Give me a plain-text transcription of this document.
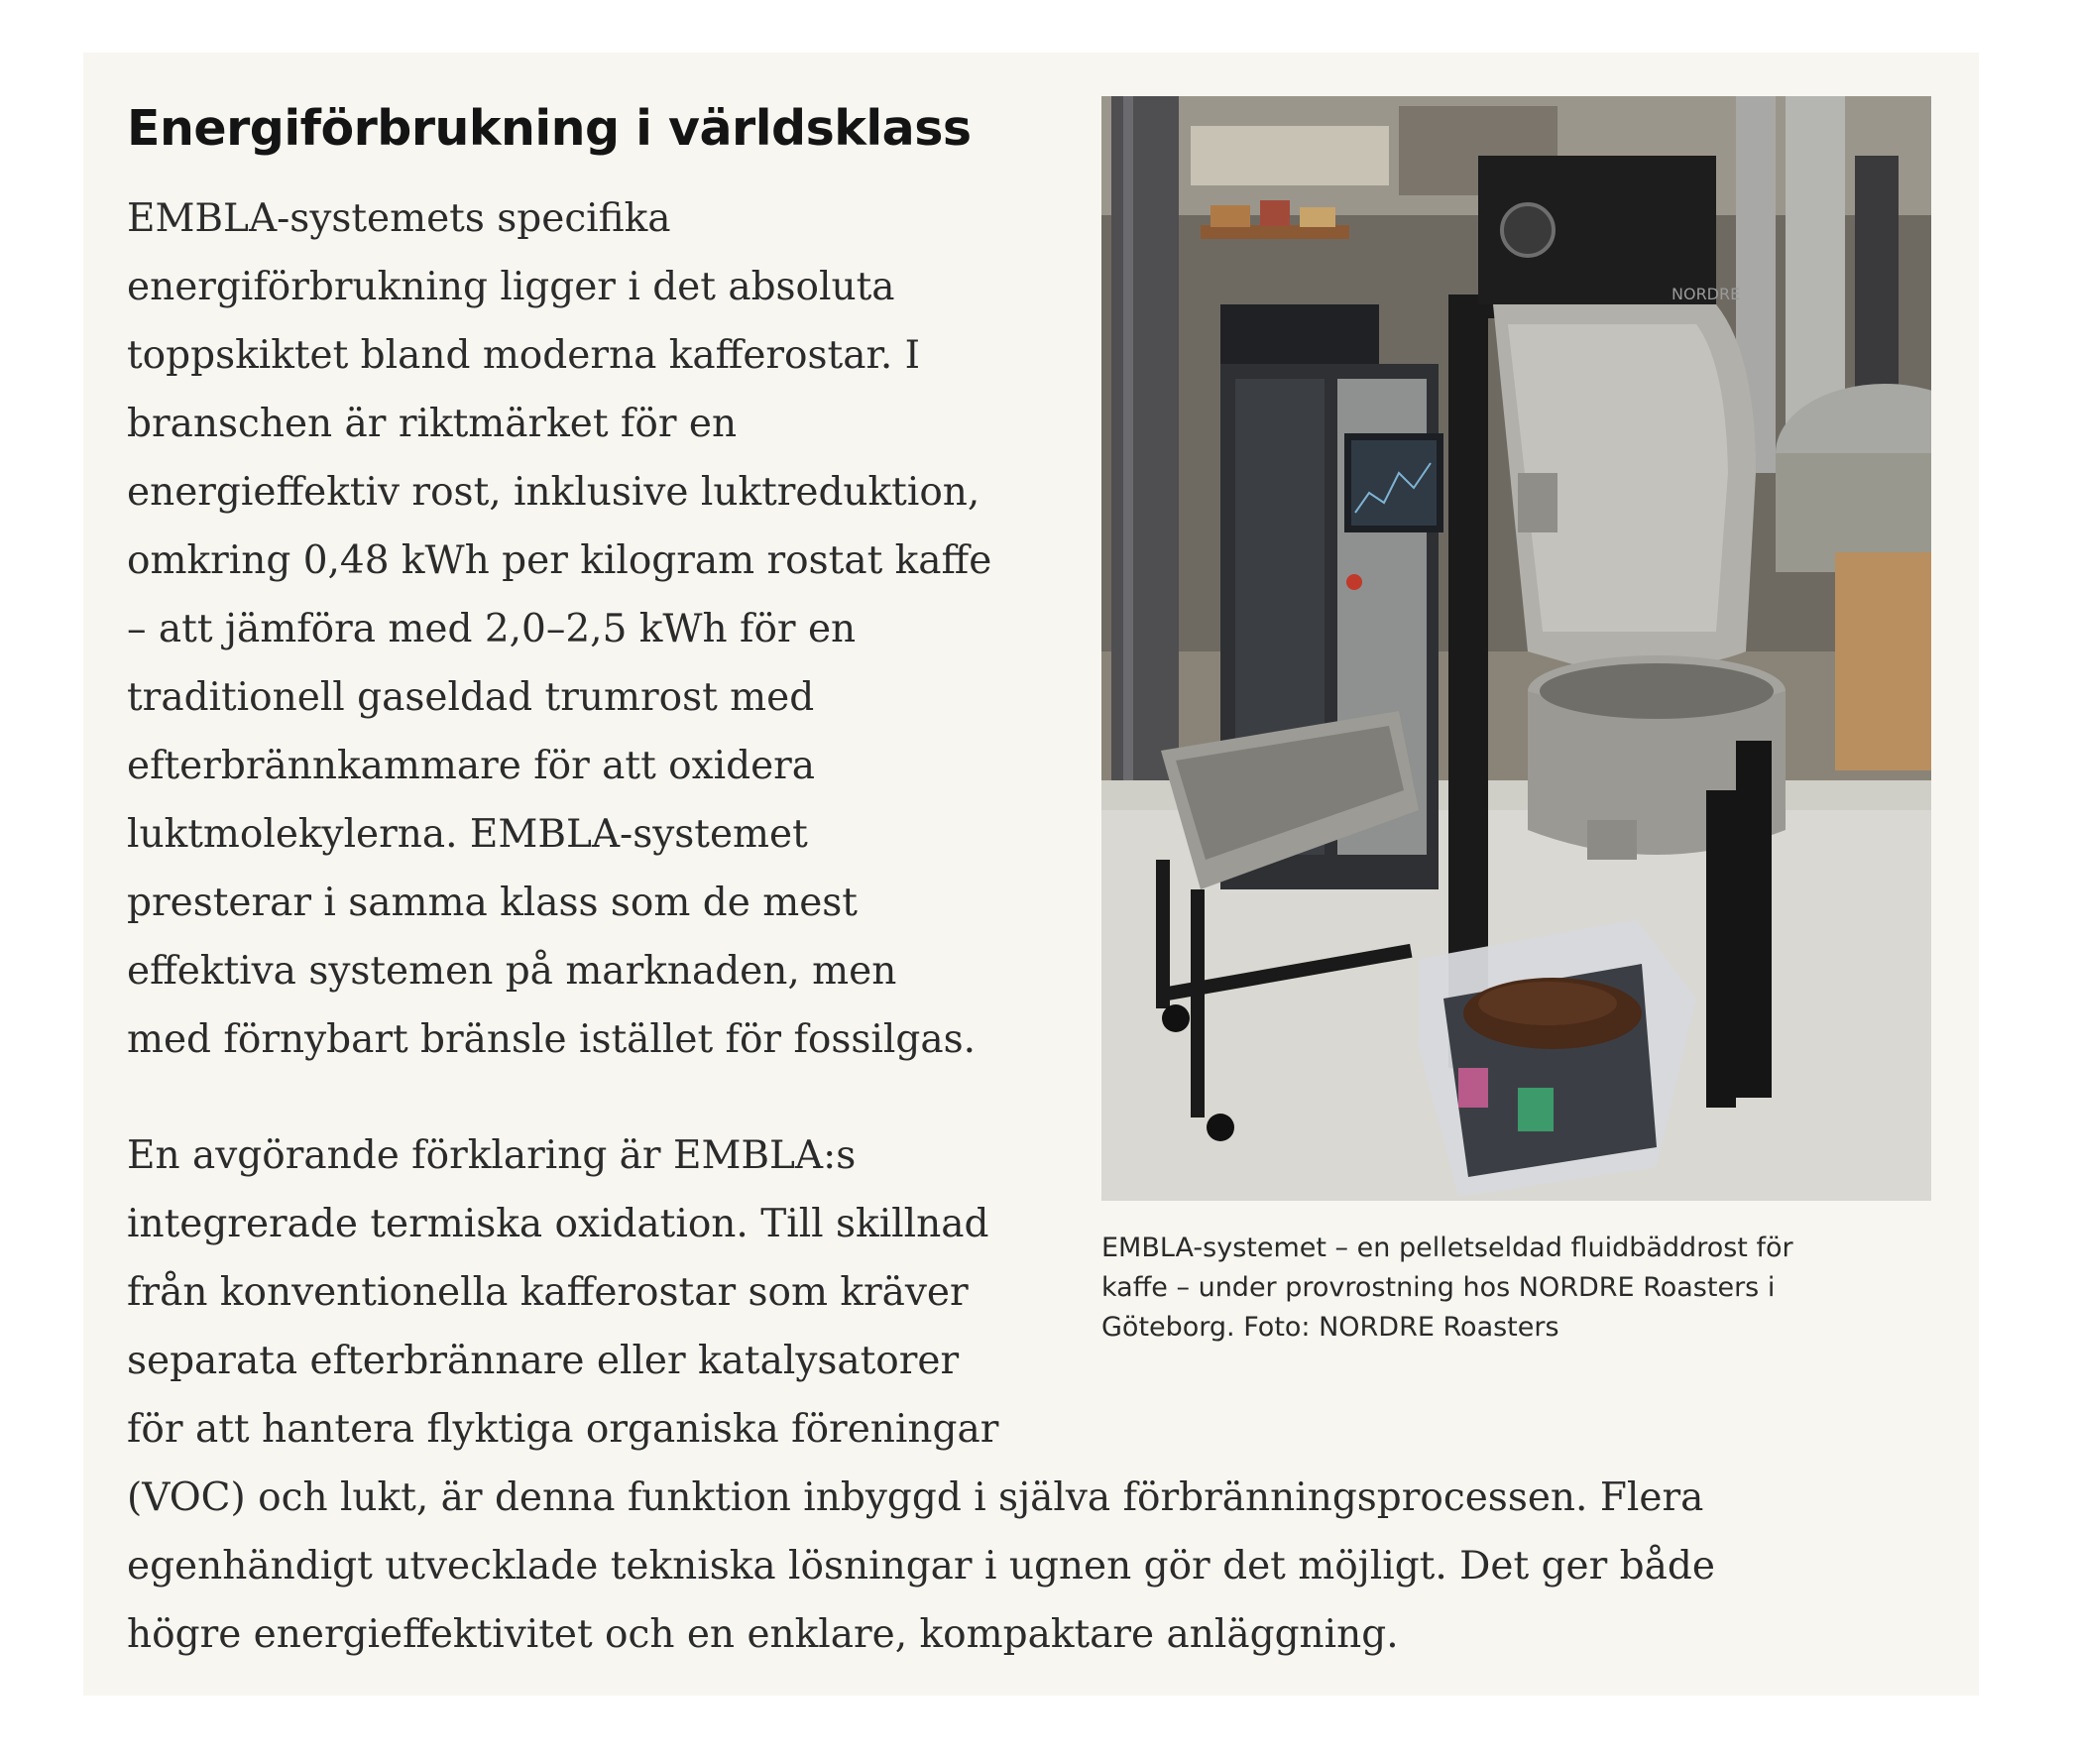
Energiförbrukning i världsklass

EMBLA-systemets specifika
energiförbrukning ligger i det absoluta
toppskiktet bland moderna kafferostar. I
branschen är riktmärket för en
energieffektiv rost, inklusive luktreduktion,
omkring 0,48 kWh per kilogram rostat kaffe
– att jämföra med 2,0–2,5 kWh för en
traditionell gaseldad trumrost med
efterbrännkammare för att oxidera
luktmolekylerna. EMBLA-systemet
presterar i samma klass som de mest
effektiva systemen på marknaden, men
med förnybart bränsle istället för fossilgas.

En avgörande förklaring är EMBLA:s
integrerade termiska oxidation. Till skillnad
från konventionella kafferostar som kräver
separata efterbrännare eller katalysatorer
för att hantera flyktiga organiska föreningar
(VOC) och lukt, är denna funktion inbyggd i själva förbränningsprocessen. Flera
egenhändigt utvecklade tekniska lösningar i ugnen gör det möjligt. Det ger både
högre energieffektivitet och en enklare, kompaktare anläggning.

NORDRE
EMBLA-systemet – en pelletseldad fluidbäddrost för
kaffe – under provrostning hos NORDRE Roasters i
Göteborg. Foto: NORDRE Roasters
